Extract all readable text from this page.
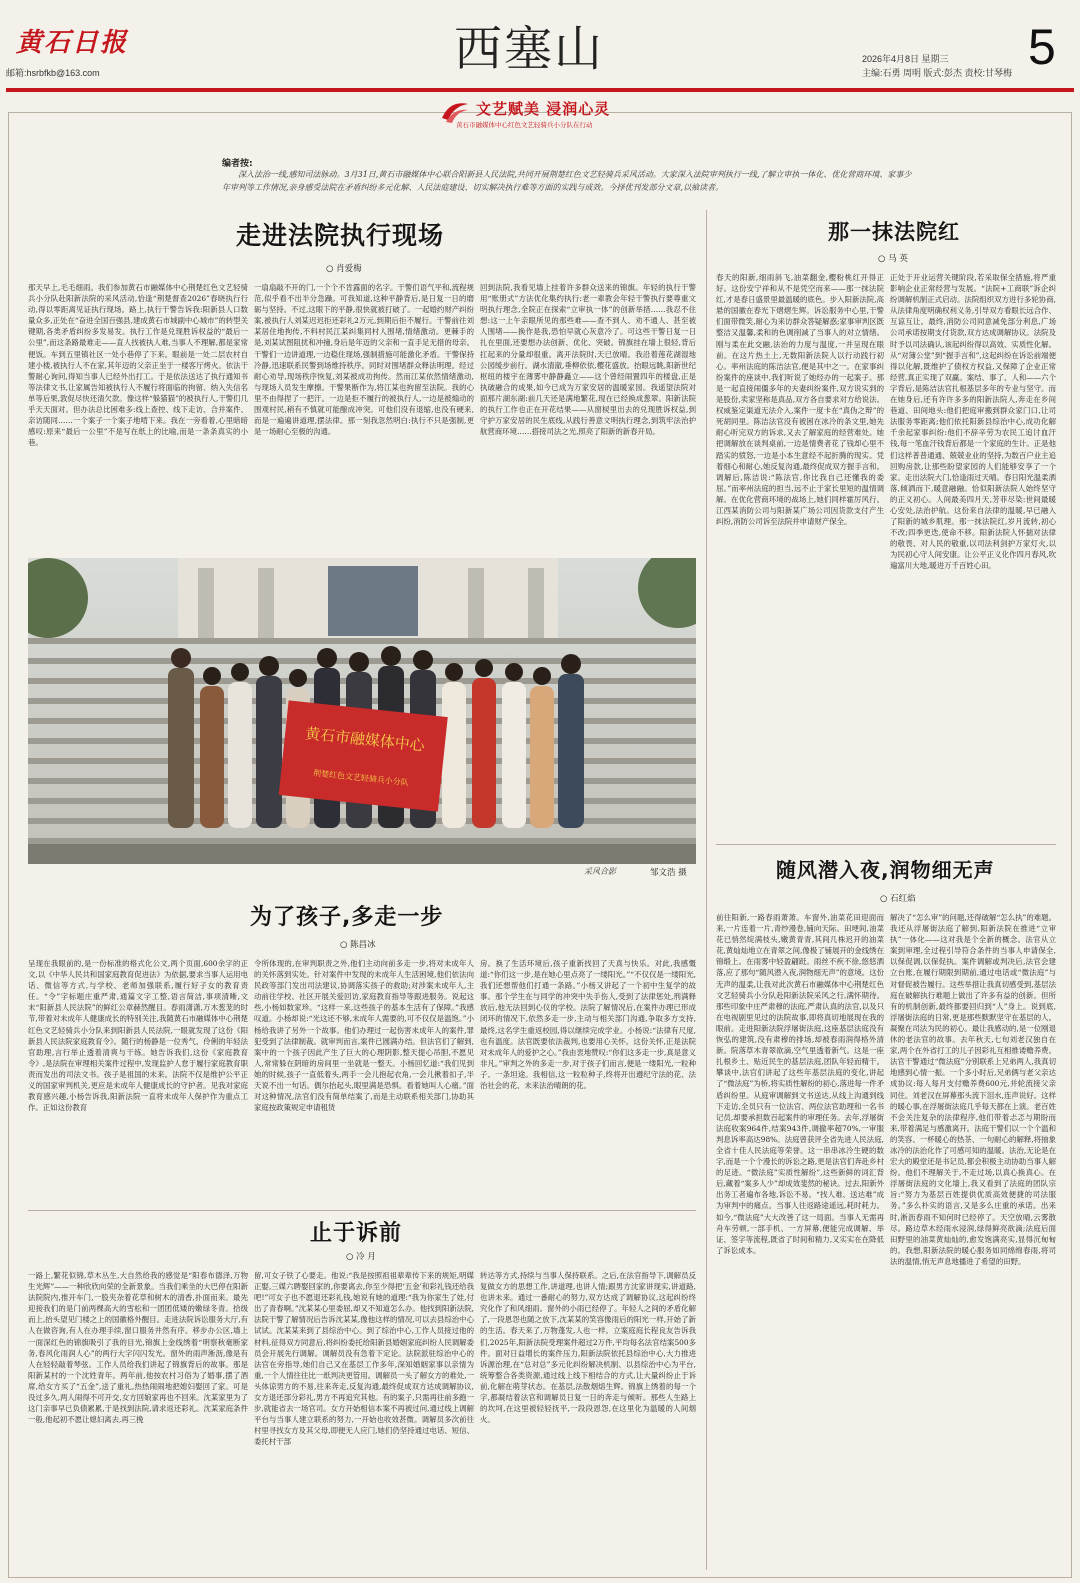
黄石日报
邮箱:hsrbfkb@163.com	西塞山	2026年4月8日 星期三
主编:石勇 周明 版式:彭杰 责校:甘琴梅 5
文艺赋美 浸润心灵
黄石市融媒体中心红色文艺轻骑兵小分队在行动
编者按:
深入法治一线,感知司法脉动。3月31日,黄石市融媒体中心联合阳新县人民法院,共同开展荆楚红色文艺轻骑兵采风活动。大家深入法院审判执行一线,了解立审执一体化、优化营商环境、家事少年审判等工作情况,亲身感受法院在矛盾纠纷多元化解、人民法庭建设、切实解决执行难等方面的实践与成效。今择优刊发部分文章,以飨读者。
走进法院执行现场
○ 肖爱梅
那天早上,毛毛细雨。我们参加黄石市融媒体中心荆楚红色文艺轻骑兵小分队赴阳新法院的采风活动,恰逢“荆楚督查2026”春晓执行行动,得以零距离见证执行现场。路上,执行干警告诉我:阳新县人口数量众多,正处在“奋进全国百强县,建成黄石市城副中心城市”的转型关键期,各类矛盾纠纷多发易发。执行工作是兑现胜诉权益的“最后一公里”,而这条路最难走——直人找被执人难,当事人不理解,都是家常便饭。车到五里镇社区一处小巷停了下来。眼前是一处二层农村自建小楼,被执行人不在家,其年迈的父亲正坐于一楼客厅烤火。依法干警耐心询问,得知当事人已经外出打工。于是依法送达了执行通知书等法律文书,让家属告知被执行人不履行将面临的拘留、纳入失信名单等后果,敦促尽快还清欠款。像这样“躲猫猫”的被执行人,干警们几乎天天面对。但办法总比困难多:线上查控、线下走访、合并案件、亲访随同……一个案子一个案子地啃下来。我在一旁看着,心里暗暗感叹:原来“最后一公里”不是写在纸上的比喻,而是一条条真实的小巷。
一扇扇敲不开的门,一个个不肯露面的名字。干警们语气平和,流程规范,似乎看不出半分急躁。可我知道,这种平静背后,是日复一日的磨砺与坚持。不过,这眼下的平静,很快就被打破了。一起婚约财产纠纷案,被执行人刘某迟迟拒还彩礼2万元,到期后拒不履行。干警前往刘某居住地拘传,不料村民江某纠集同村人围堵,情绪激动。更棘手的是,刘某试图阻扰和冲撞,身后是年迈的父亲和一直手足无措的母亲。干警们一边讲道理,一边稳住现场,强制措施可能激化矛盾。干警保持冷静,迅速联系民警到场维持秩序。同时对围堵群众释法明理。经过耐心劝导,现场秩序恢复,刘某被成功拘传。然而江某依然情绪激动,与现场人员发生摩擦。干警果断作为,将江某也拘留至法院。我的心里不由得捏了一把汗。一边是拒不履行的被执行人,一边是被煽动的围观村民,稍有不慎就可能酿成冲突。可他们没有退缩,也没有硬来,而是一遍遍讲道理,摆法律。那一刻我忽然明白:执行不只是强制,更是一场耐心至极的沟通。
回到法院,我看见墙上挂着许多群众送来的锦旗。年轻的执行干警用“账册式”方法优化集约执行:老一辈教会年轻干警执行要尊重文明执行理念,全院正在探索“立审执一体”的创新举措……我忍不住想:这一上午亲眼所见的那些难——查不到人、劝不通人、甚至被人围堵——换作是我,恐怕早就心灰意冷了。可这些干警日复一日扎在里面,还要想办法创新、优化、突破。锦旗挂在墙上很轻,背后扛起来的分量却很重。离开法院时,天已放晴。我沿着莲花湖湿地公园缓步前行。湖水清澈,垂柳依依,樱花盛放。抬眼远眺,阳新世纪枢纽的楼宇在薄雾中静静矗立——这个曾经闹置四年的楼盘,正是执破融合的成果,如今已成为万家安居的温暖家园。我遥望法院对面那片湖东湖:前几天还是满地繁花,现在已经换成葱翠。阳新法院的执行工作也正在开花结果——从窗棂里出去的兑现胜诉权益,到守护万家安居的民生底线,从践行善意文明执行理念,到筑牢法治护航营商环境……搭接司法之光,照亮了阳新的新春开局。
黄石市融媒体中心
荆楚红色文艺轻骑兵小分队
采风合影	邹文浩 摄
为了孩子,多走一步
○ 陈昌冰
呈现在我眼前的,是一份标准的格式化公文,两个页面,600余字的正文,以《中华人民共和国家庭教育促进法》为依据,要求当事人运用电话、微信等方式,与学校、老师加强联系,履行好子女的教育责任。“令”字标题庄重严肃,通篇文字工整,语言简洁,事项清晰,文末“阳新县人民法院”的鲜红公章赫然醒目。春雨潇潇,万木葱茏的时节,带着对未成年人健康成长的特别关注,我随黄石市融媒体中心荆楚红色文艺轻骑兵小分队来到阳新县人民法院,一眼就发现了这份《阳新县人民法院家庭教育令》。随行的杨静是一位秀气、伶俐的年轻法官助理,言行举止透着清爽与干练。她告诉我们,这份《家庭教育令》,是法院在审理相关案件过程中,发现监护人怠于履行家庭教育职责而发出的司法文书。孩子是祖国的未来。法院不仅是维护公平正义的国家审判机关,更应是未成年人健康成长的守护者。见我对家庭教育感兴趣,小杨告诉我,阳新法院一直将未成年人保护作为重点工作。正如这份教育
令所体现的,在审判职责之外,他们主动向前多走一步,将对未成年人的关怀落到实处。针对案件中发现的未成年人生活困境,他们依法向民政等部门发出司法建议,协调落实孩子的救助;对涉案未成年人,主动前往学校、社区开展关爱回访,家庭教育指导等跟进服务。说起这些,小杨如数家珍。“这样一来,这些孩子的基本生活有了保障。”我感叹道。小杨却说:“光这还不够,未成年人需要的,可不仅仅是温饱。”小杨给我讲了另外一个故事。他们办理过一起伤害未成年人的案件,罪犯受到了法律制裁。就审判而言,案件已圆满办结。但法官们了解到,案中的一个孩子因此产生了巨大的心理阴影,整天提心吊胆,不愿见人,常常躲在阴暗的房间里一坐就是一整天。小杨回忆道:“我们见到她的时候,孩子一直低着头,两手一会儿抱起衣角,一会儿揪着扣子,半天说不出一句话。偶尔抬起头,眼里满是恐惧。看着她叫人心痛。”面对这种情况,法官们没有简单结案了,而是主动联系相关部门,协助其家庭按政策规定申请租赁
房。换了生活环境后,孩子重新找回了天真与快乐。对此,我感慨道:“你们这一步,是在她心里点亮了一缕阳光。”“不仅仅是一缕阳光,我们还想帮他们打通一条路。”小杨又讲起了一个初中生复学的故事。那个学生在与同学的冲突中失手伤人,受到了法律惩处,刑满释放后,他无法回到心仪的学校。法院了解情况后,在案件办理已形成闭环的情况下,依然多走一步,主动与相关部门沟通,争取多方支持,最终,这名学生重返校园,得以继续完成学业。小杨说:“法律有尺度,也有温度。法官既要依法裁判,也要用心关怀。这份关怀,正是法院对未成年人的爱护之心。”我由衷地赞叹:“你们这多走一步,真是意义非凡。”审判之外的多走一步,对于孩子们而言,便是一缕阳光,一粒种子、一条坦途。我相信,这一粒粒种子,终将开出遵纪守法的花、法治社会的花、未来法治晴朗的花。
止于诉前
○ 冷 月
一路上,繁花似锦,草木丛生,大自然给我的感觉是“阳春布德泽,万物生光辉”——一种欣欣向荣的全新景象。当我们乘坐的大巴停在阳新法院院内,推开车门,一股夹杂着花草和树木的清香,扑面而来。最先迎接我们的是门前两棵高大的雪松和一团团低矮的嫩绿冬青。拾级而上,抬头望见门楼之上的国徽格外醒目。走进法院诉讼服务大厅,有人在做咨询,有人在办理手续,窗口服务井然有序。移步办公区,墙上一面深红色的锦旗吸引了我的目光,锦旗上金线绣着“明察秋毫断家务,春风化雨润人心”的两行大字闪闪发光。窗外的雨声淅沥,像是有人在轻轻敲着琴弦。工作人员给我们讲起了锦旗背后的故事。那是阳新某村的一个沈姓青年。两年前,他按农村习俗为了婚事,摆了酒席,给女方买了“五金”,送了重礼,热热闹闹地把媳妇娶回了家。可是没过多久,两人闹得不可开交,女方回娘家再也不回来。沈某家里为了这门亲事早已负债累累,于是找到法院,请求返还彩礼。沈某家庭条件一般,他起初不愿让媳妇离去,再三挽
留,可女子铁了心要走。他说:“我是按照祖祖辈辈传下来的规矩,明媒正娶,三媒六聘娶回家的,你要离去,你至少得把‘五金’和彩礼钱还给我吧!”可女子也不愿退还彩礼钱,她说有她的道理:“我为你家生了娃,付出了青春啊。”沈某某心里委屈,却又不知道怎么办。他找到阳新法院,法院干警了解情况后告诉沈某某,像他这样的情况,可以去县综治中心试试。沈某某来到了县综治中心。到了综治中心,工作人员接过他的材料,征得双方同意后,将纠纷委托给阳新县婚姻家庭纠纷人民调解委员会开展先行调解。调解员没有急着下定论。法院派驻综治中心的法官在旁指导,她们自己又在基层工作多年,深知婚姻家事以亲情为重,一个人情往往比一纸判决更管用。调解员一头了解女方的难处,一头体谅男方的不易,往来奔走,反复沟通,最终促成双方达成调解协议,女方退还部分彩礼,男方不再追究其他。有的案子,只需再往前多跑一步,就能省去一场官司。女方开始相信本案不再被过问,通过线上调解平台与当事人建立联系的努力,一开始也收效甚微。调解员多次前往村里寻找女方及其父母,即便无人应门,她们仍坚持通过电话、短信、委托村干部
转达等方式,持续与当事人保持联系。之后,在法官指导下,调解员反复做女方的思想工作,讲道理,也讲人情;跟男方沈家讲现实,讲道路,也讲未来。通过一番耐心的努力,双方达成了调解协议,这起纠纷终究化作了和风细雨。窗外的小雨已经停了。年轻人之间的矛盾化解了,一段恩怨也随之放下,沈某某的笑容像雨后的阳光一样,开始了新的生活。春天来了,万物蓬发,人也一样。立案庭庭长程良友告诉我们,2025年,阳新法院受理案件超过2万件,平均每名法官结案500多件。面对日益增长的案件压力,阳新法院依托县综治中心,大力推进诉源治理,在“总对总”多元化纠纷解决机制、以县综治中心为平台,统筹整合各类资源,通过线上线下相结合的方式,让大量纠纷止于诉前,化解在萌芽状态。在基层,法散烟熔生辉。锦旗上绣着的每一个字,都凝结着法官和调解员日复一日的奔走与倾听。那些人生路上的坎坷,在这里被轻轻抚平,一段段恩怨,在这里化为温暖的人间烟火。
那一抹法院红
○ 马 英
春天的阳新,细雨斜飞,油菜翻金,樱粉桃红开得正好。这份安宁祥和从不是凭空而来——那一抹法院红,才是春日盛景里最温暖的底色。步入阳新法院,高悬的国徽在春光下熠熠生辉。诉讼服务中心里,干警们面带微笑,耐心为来访群众答疑解惑;家事审判区既整洁又温馨,柔和的色调削减了当事人的对立情绪。刚与柔在此交融,法治的力度与温度,一并呈现在眼前。在这片热土上,无数阳新法院人以行动践行初心。率州法庭的陈洁法官,便是其中之一。在家事纠纷案件的座谈中,我们听说了她经办的一起案子。那是一起直接闹僵多年的夫妻纠纷案件,双方说实到的是股份,卖家坚称是真品,双方各自要求对方给说法。权威鉴定渠道无法介入,案件一度卡在“真伪之辩”的死胡同里。陈洁法官没有被困在冰冷的条文里,她先耐心听完双方的诉求,又去了解家庭的经营难处。她把调解放在谈判桌前,一边是情费者花了钱却心里不踏实的愤怒,一边是小本生意经不起折腾的现实。凭着细心和耐心,她反复沟通,最终促成双方握手言和。调解后,陈洁说:“陈法官,你比我自己还懂我的委屈。”而率州法庭的担当,远不止于家长里短的温情调解。在优化营商环境的战场上,她们同样霍厉风行。江西某消防公司与阳新某广场公司因货款支付产生纠纷,消防公司诉至法院并申请财产保全。
正处于开业运营关键阶段,若采取保全措施,将严重影响企业正常经营与发展。“法院+工商联”诉企纠纷调解机制正式启动。法院组织双方进行多轮协商,从法律角度明确权利义务,引导双方看眼长远合作、互谅互让。最终,消防公司同意减免部分利息,广场公司承诺按期支付货款,双方达成调解协议。法院及时予以司法确认,该起纠纷得以高效、实质性化解。从“对簿公堂”到“握手言和”,这起纠纷在诉讼前端便得以化解,既维护了债权方权益,又保障了企业正常经营,真正实现了双赢。案结、事了、人和——六个字背后,是陈洁法官扎根基层多年的专业与坚守。而在她身后,还有许许多多的阳新法院人,奔走在乡间巷道、田间地头:他们把庭审搬到群众家门口,让司法服务零距离;他们依托阳新县综治中心,成功化解千余起家事纠纷:他们不辞辛劳为农民工追讨血汗钱,每一笔血汗钱背后都是一个家庭的生计。正是他们这样普普通通、兢兢业业的坚持,为数百户业主追回购房款,让那些盼望家园的人们能够安享了一个家。走出法院大门,恰逢雨过天晴。春日阳光温柔洒落,倾洒而下,暖意融融。恰似阳新法院人始终坚守的正义初心。人间最美四月天,芳菲尽染:世间最暖心安处,法治护航。这份来自法律的温暖,早已融入了阳新的城乡肌理。那一抹法院红,岁月流转,初心不改;四季更迭,使命不移。阳新法院人怀揣对法律的敬畏、对人民的敬重,以司法利剑护万家灯火,以为民初心守人间安康。让公平正义化作四月春风,吹遍富川大地,暖进万千百姓心田。
随风潜入夜,润物细无声
○ 石红焰
前往阳新,一路春雨萧萧。车窗外,油菜花田迎面而来,一片连着一片,青纱漫卷,铺向天际。田埂间,油菜花已悄然绽满枝头,嫩黄青青,其间几株迟开的油菜花,黄灿灿地立在青翠之间,像极了铺展开的金线绣在锦缎上。在雨雾中轻盈翩跹。雨丝不疾不徐,悠悠洒落,应了那句“随风潜入夜,润物细无声”的意境。这份无声的温柔,让我对此次黄石市融媒体中心荆楚红色文艺轻骑兵小分队赴阳新法院采风之行,满怀期待。那些印象中庄严肃穆的法庭,严肃认真的法官,以及只在电视剧里见过的法院故事,即将真切地展现在我的眼前。走进阳新法院浮屠街法庭,这座基层法庭没有恢弘的建筑,没有肃穆的排场,却被春雨润得格外清新。院落草木青翠欲滴,空气里透着新气。这是一座扎根乡土、贴近民生的基层法庭,团队年轻而精干。攀谈中,法官们讲起了这些年基层法庭的变化,讲起了“微法庭”为桥,将实质性解纷的初心,落进每一件矛盾纠纷里。从庭审调解到文书送达,从线上沟通到线下走访,全员只有一位法官、两位法官助理和一名书记员,却要承担数百起案件的审理任务。去年,浮屠街法庭收案964件,结案943件,调撤率超70%,一审服判息诉率高达98%。法庭曾获评全省先进人民法庭,全省十佳人民法庭等荣誉。这一串串冰冷生硬的数字,而是一个个漫长的诉讼之路,更是法官们奔赴乡村的足迹。“微法庭”实质性解纷”,这些新鲜的词汇背后,藏着“案多人少”却成效斐然的秘诀。过去,阳新外出务工者遍布各地,诉讼不易。“找人难、送达难”成为审判中的痛点。当事人往返路途遥远,耗时耗力。如今,“微法庭”大大改善了这一局面。当事人无需再舟车劳顿,一部手机、一方屏幕,便能完成调解、举证、签字等流程,既省了时间和精力,又实实在在降低了诉讼成本。
解决了“怎么审”的问题,还得破解“怎么执”的难题。我还从浮屠街法庭了解到,阳新法院在推进“立审执”一体化——这对我是个全新的概念。法官从立案到审理,全过程引导符合条件的当事人申请保全,以保促调,以保促执。案件调解或判决后,法官会建立台账,在履行期限到期前,通过电话或“微法庭”与对督促被告履行。这些举措让我真切感受到,基层法庭在破解执行难题上做出了许多有益的创新。但所有的机制创新,最终都要回归到“人”身上。说到底,浮屠街法庭的日常,更是那些默默坚守在基层的人。凝聚在司法为民的初心。最让我感动的,是一位刚退休的老法官的故事。去年秋天,七旬刘老汉独自在家,两个在外省打工的儿子因彩礼互相推诿赡养费。法官干警通过“微法庭”分别联系上兄弟两人,我真切地感到心情一振。一个多小时后,兄弟俩与老父亲达成协议:每人每月支付赡养费600元,并轮流接父亲同住。刘老汉在屏幕那头流下泪水,连声说好。这样的暖心事,在浮屠街法庭几乎每天都在上演。老百姓不会关注复杂的法律程序,他们带着忐忑与期盼而来,带着满足与感激离开。法庭干警们以一个个温和的笑容、一杯暖心的热茶、一句耐心的解释,将抽象冰冷的法治化作了可感可知的温暖。法治,无论是在宏大的殿堂还是书记员,都会积极主动协助当事人解纷。他们不理解关于,不走过场,以真心换真心。在浮屠街法庭的文化墙上,我又看到了法庭的团队宗旨:“努力为基层百姓提供优质高效便捷的司法服务。”多么朴实的语言,又是多么庄重的承诺。出来时,淅沥春雨不知何时已经停了。天空放晴,云雾散尽。路边草木经雨水浸润,绿得鲜亮欲滴;法庭后面田野里的油菜黄灿灿的,愈发饱满亮实,显得沉甸甸的。我想,阳新法院的暖心服务如同绵绵春雨,将司法的温情,悄无声息地播进了希望的田野。
